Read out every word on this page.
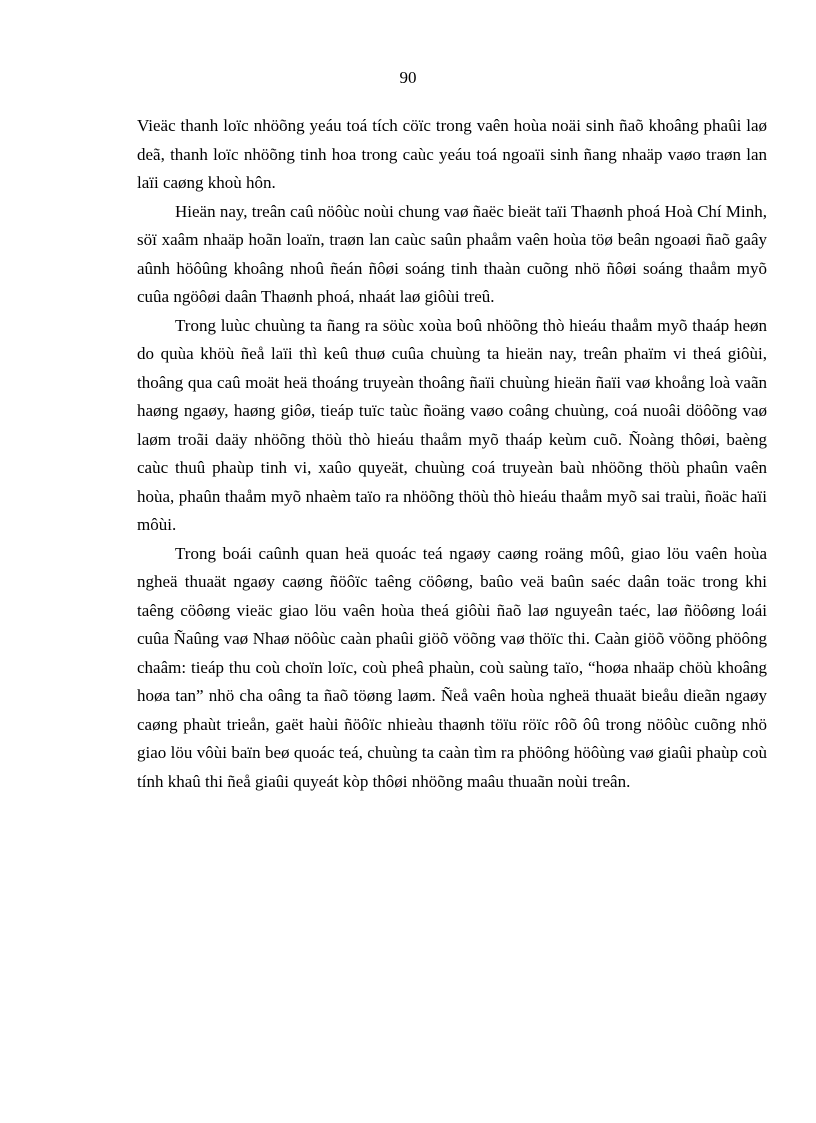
90

Vieäc thanh loïc nhöõng yeáu toá tích cöïc trong vaên hoùa noäi sinh ñaõ khoâng phaûi laø deã, thanh loïc nhöõng tinh hoa trong caùc yeáu toá ngoaïi sinh ñang nhaäp vaøo traøn lan laïi caøng khoù hôn.

Hieän nay, treân caû nöôùc noùi chung vaø ñaëc bieät taïi Thaønh phoá Hoà Chí Minh, söï xaâm nhaäp hoãn loaïn, traøn lan caùc saûn phaåm vaên hoùa töø beân ngoaøi ñaõ gaây aûnh höôûng khoâng nhoû ñeán ñôøi soáng tinh thaàn cuõng nhö ñôøi soáng thaåm myõ cuûa ngöôøi daân Thaønh phoá, nhaát laø giôùi treû.

Trong luùc chuùng ta ñang ra söùc xoùa boû nhöõng thò hieáu thaåm myõ thaáp heøn do quùa khöù ñeå laïi thì keû thuø cuûa chuùng ta hieän nay, treân phaïm vi theá giôùi, thoâng qua caû moät heä thoáng truyeàn thoâng ñaïi chuùng hieän ñaïi vaø khoång loà vaãn haøng ngaøy, haøng giôø, tieáp tuïc taùc ñoäng vaøo coâng chuùng, coá nuoâi döôõng vaø laøm troãi daäy nhöõng thöù thò hieáu thaåm myõ thaáp keùm cuõ. Ñoàng thôøi, baèng caùc thuû phaùp tinh vi, xaûo quyeät, chuùng coá truyeàn baù nhöõng thöù phaûn vaên hoùa, phaûn thaåm myõ nhaèm taïo ra nhöõng thöù thò hieáu thaåm myõ sai traùi, ñoäc haïi môùi.

Trong boái caûnh quan heä quoác teá ngaøy caøng roäng môû, giao löu vaên hoùa ngheä thuaät ngaøy caøng ñöôïc taêng cöôøng, baûo veä baûn saéc daân toäc trong khi taêng cöôøng vieäc giao löu vaên hoùa theá giôùi ñaõ laø nguyeân taéc, laø ñöôøng loái cuûa Ñaûng vaø Nhaø nöôùc caàn phaûi giöõ vöõng vaø thöïc thi. Caàn giöõ vöõng phöông chaâm: tieáp thu coù choïn loïc, coù pheâ phaùn, coù saùng taïo, “hoøa nhaäp chöù khoâng hoøa tan” nhö cha oâng ta ñaõ töøng laøm. Ñeå vaên hoùa ngheä thuaät bieåu dieãn ngaøy caøng phaùt trieån, gaët haùi ñöôïc nhieàu thaønh töïu röïc rôõ ôû trong nöôùc cuõng nhö giao löu vôùi baïn beø quoác teá, chuùng ta caàn tìm ra phöông höôùng vaø giaûi phaùp coù tính khaû thi ñeå giaûi quyeát kòp thôøi nhöõng maâu thuaãn noùi treân.
